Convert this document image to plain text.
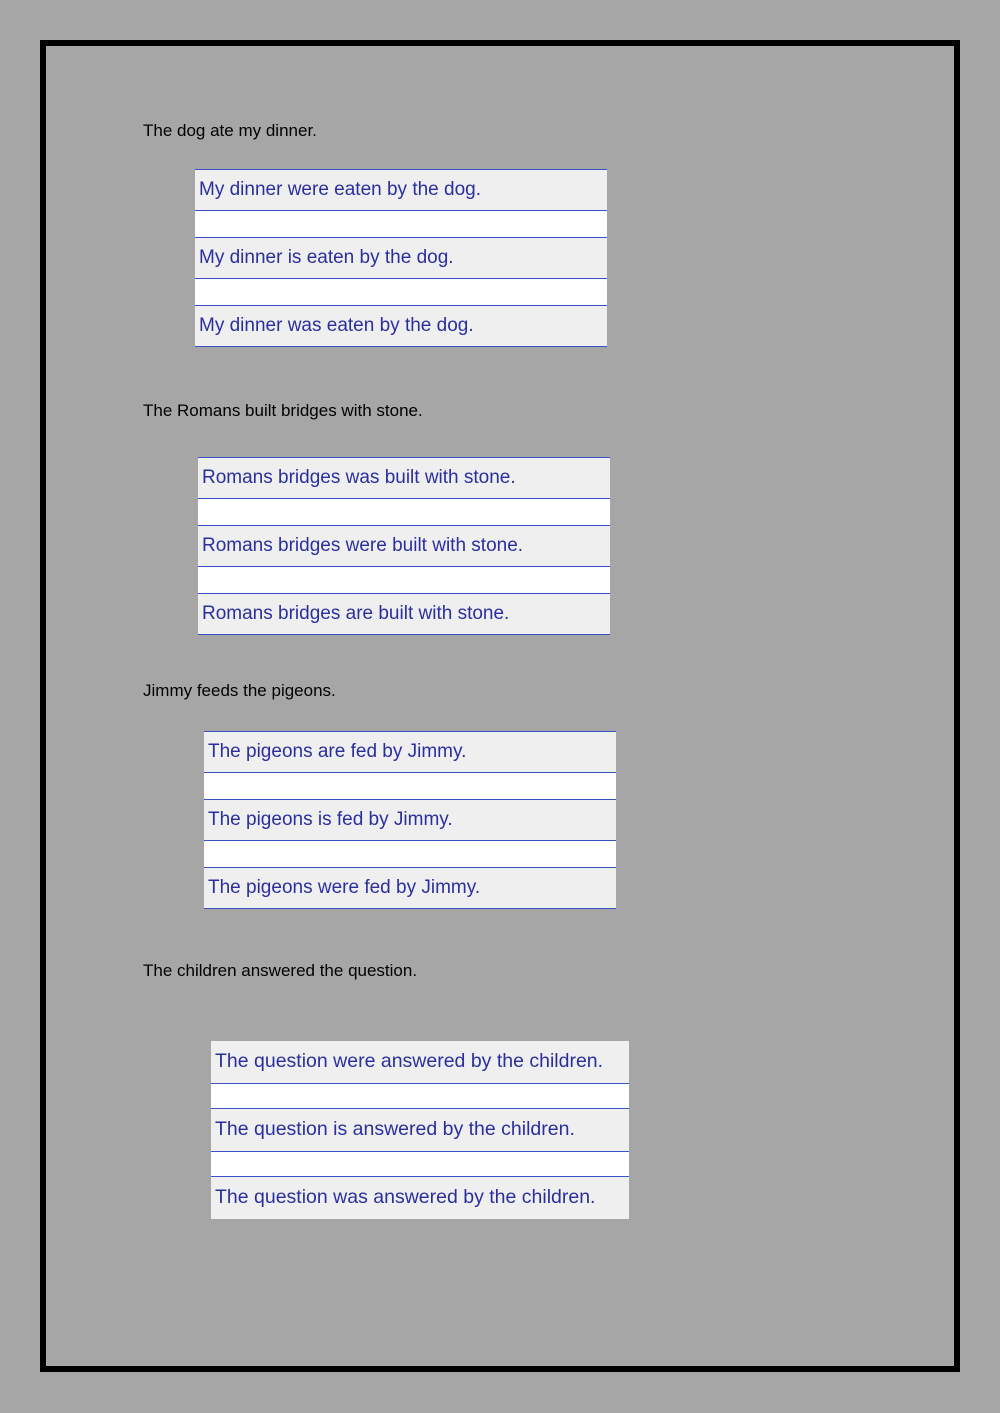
The dog ate my dinner.
My dinner were eaten by the dog.
My dinner is eaten by the dog.
My dinner was eaten by the dog.
The Romans built bridges with stone.
Romans bridges was built with stone.
Romans bridges were built with stone.
Romans bridges are built with stone.
Jimmy feeds the pigeons.
The pigeons are fed by Jimmy.
The pigeons is fed by Jimmy.
The pigeons were fed by Jimmy.
The children answered the question.
The question were answered by the children.
The question is answered by the children.
The question was answered by the children.
